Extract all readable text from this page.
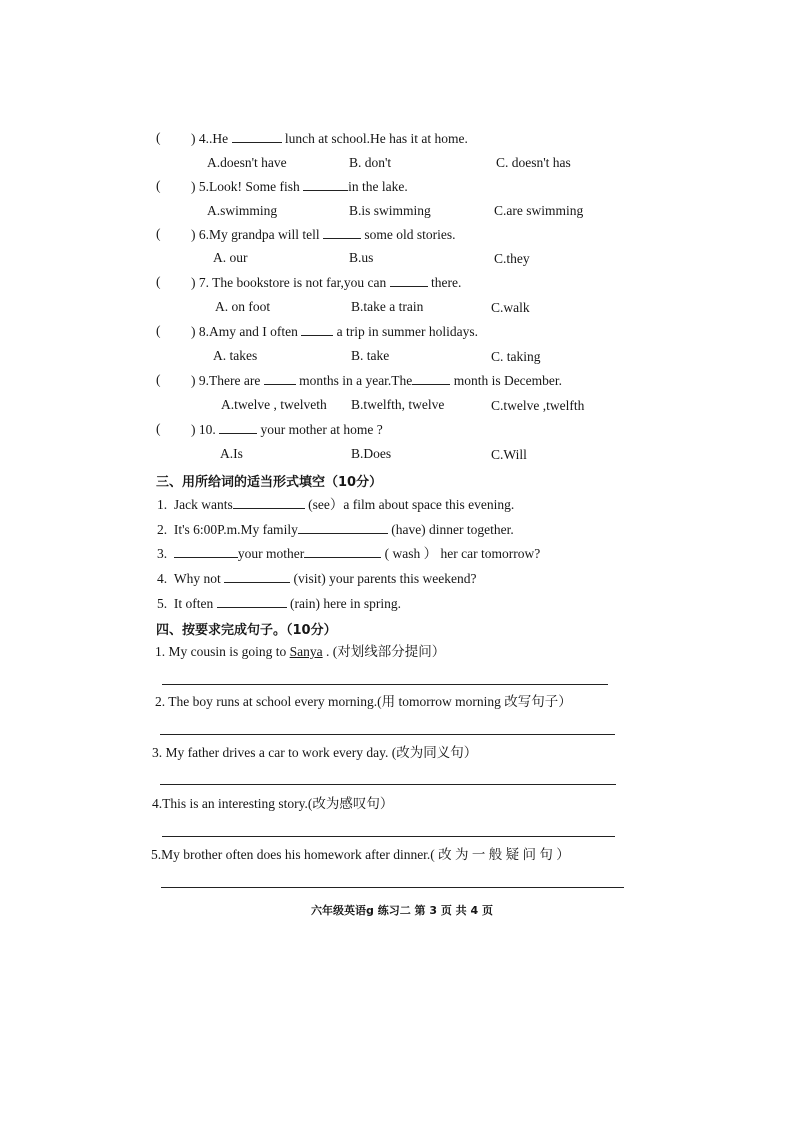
( ) 4..He	lunch at school.He has it at home.
A.doesn't have	B. don't	C. doesn't has
( ) 5.Look! Some fish	in the lake.
A.swimming	B.is swimming	C.are swimming
( ) 6.My grandpa will tell	some old stories.
A. our	B.us	C.they
( ) 7. The bookstore is not far,you can	there.
A. on foot	B.take a train	C.walk
( ) 8.Amy and I often  a trip in summer holidays.
A. takes	B. take	C. taking
( ) 9.There are  months in a year.The	month is December.
A.twelve , twelveth B.twelfth, twelve	C.twelve ,twelfth
( ) 10.	your mother at home ?
A.Is	B.Does	C.Will
三、用所给词的适当形式填空（10分）
1. Jack wants	(see）a film about space this evening.
2. It's 6:00P.m.My family	(have) dinner together.
3.	your mother	( wash ） her car tomorrow?
4. Why not	(visit) your parents this weekend?
5. It often	(rain) here in spring.
四、按要求完成句子。（10分）
1. My cousin is going to Sanya . (对划线部分提问）
2. The boy runs at school every morning.(用 tomorrow morning 改写句子）
3. My father drives a car to work every day. (改为同义句）
4.This is an interesting story.(改为感叹句）
5.My brother often does his homework after dinner.( 改 为 一 般 疑 问 句 ）
六年级英语g 练习二 第 3 页 共 4 页
